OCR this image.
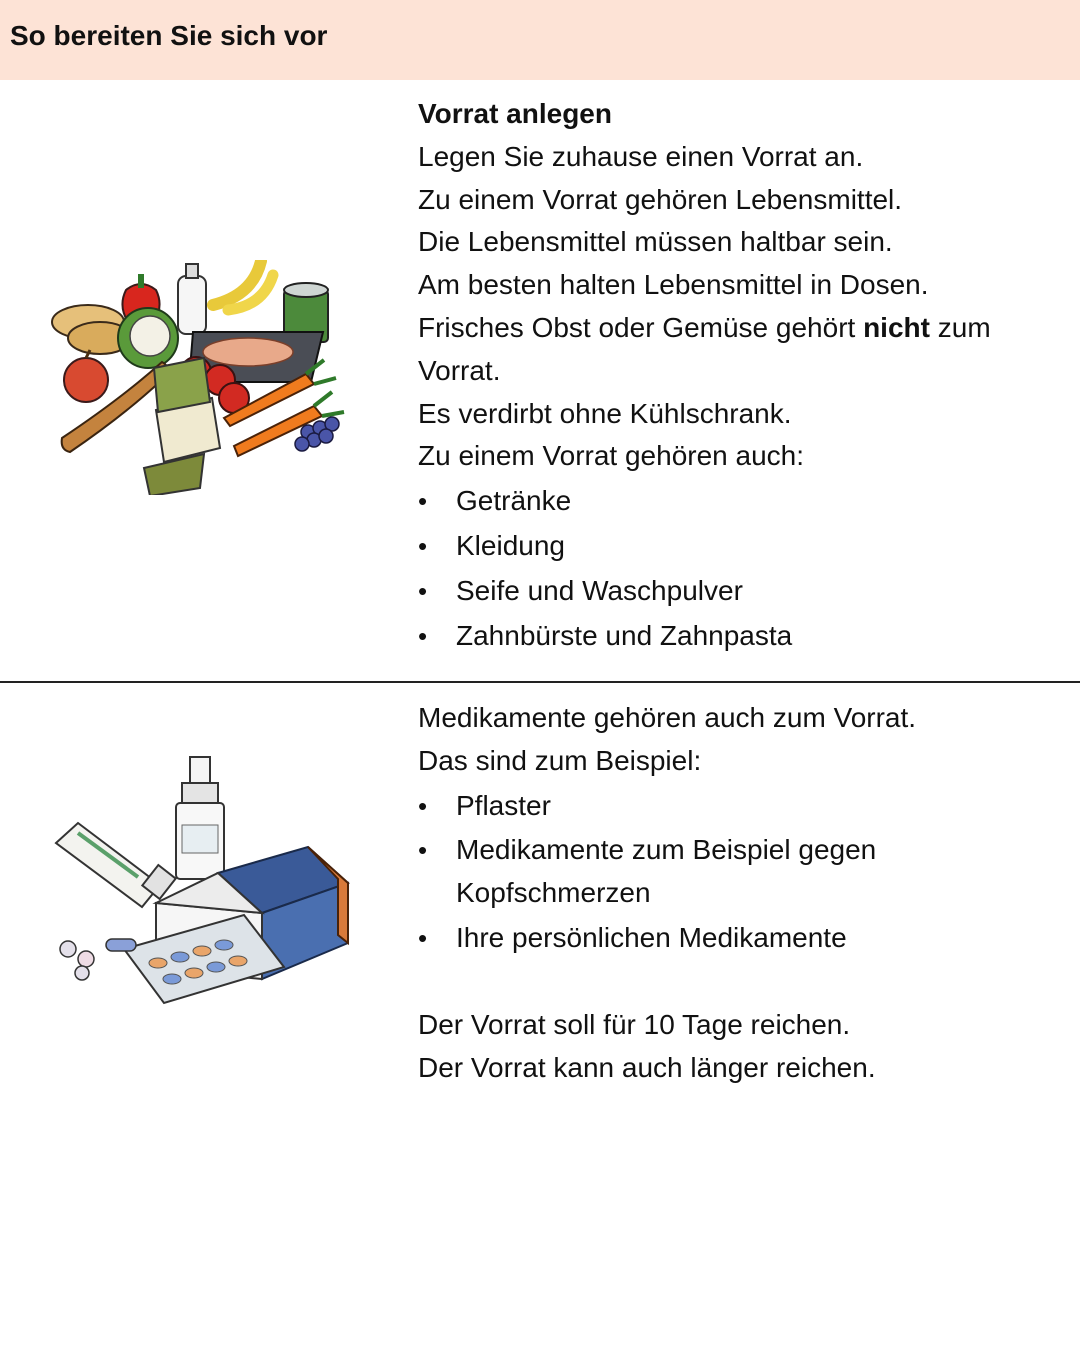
So bereiten Sie sich vor

Vorrat anlegen

Legen Sie zuhause einen Vorrat an.

Zu einem Vorrat gehören Lebensmittel.

Die Lebensmittel müssen haltbar sein.

Am besten halten Lebensmittel in Dosen.

Frisches Obst oder Gemüse gehört nicht zum Vorrat.

Es verdirbt ohne Kühlschrank.

Zu einem Vorrat gehören auch:

• Getränke
• Kleidung
• Seife und Waschpulver
• Zahnbürste und Zahnpasta

Medikamente gehören auch zum Vorrat.

Das sind zum Beispiel:

• Pflaster
• Medikamente zum Beispiel gegen Kopfschmerzen
• Ihre persönlichen Medikamente

Der Vorrat soll für 10 Tage reichen.

Der Vorrat kann auch länger reichen.
